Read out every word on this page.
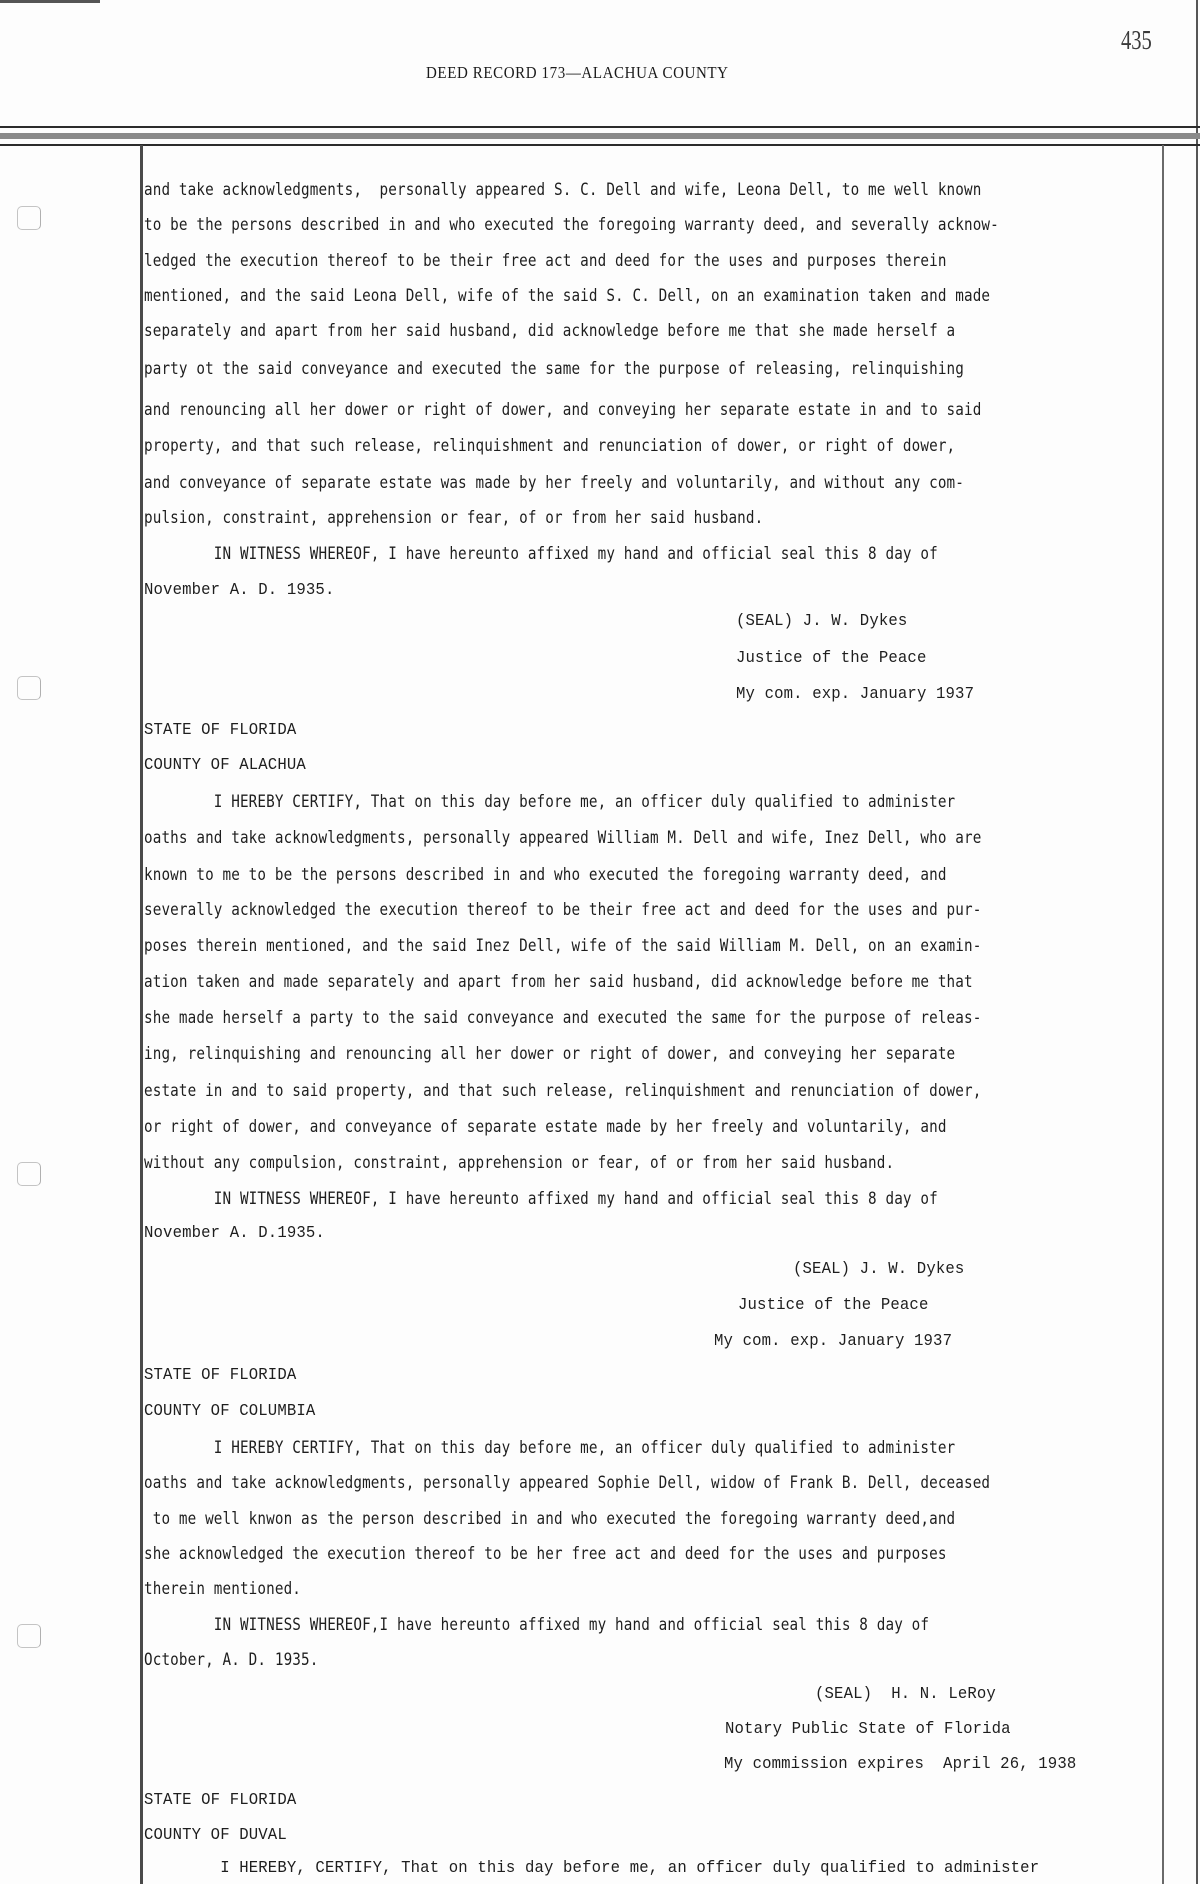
435
DEED RECORD 173—ALACHUA COUNTY
and take acknowledgments,  personally appeared S. C. Dell and wife, Leona Dell, to me well known
to be the persons described in and who executed the foregoing warranty deed, and severally acknow-
ledged the execution thereof to be their free act and deed for the uses and purposes therein
mentioned, and the said Leona Dell, wife of the said S. C. Dell, on an examination taken and made
separately and apart from her said husband, did acknowledge before me that she made herself a
party ot the said conveyance and executed the same for the purpose of releasing, relinquishing
and renouncing all her dower or right of dower, and conveying her separate estate in and to said
property, and that such release, relinquishment and renunciation of dower, or right of dower,
and conveyance of separate estate was made by her freely and voluntarily, and without any com-
pulsion, constraint, apprehension or fear, of or from her said husband.
IN WITNESS WHEREOF, I have hereunto affixed my hand and official seal this 8 day of
November A. D. 1935.
(SEAL) J. W. Dykes
Justice of the Peace
My com. exp. January 1937
STATE OF FLORIDA
COUNTY OF ALACHUA
I HEREBY CERTIFY, That on this day before me, an officer duly qualified to administer
oaths and take acknowledgments, personally appeared William M. Dell and wife, Inez Dell, who are
known to me to be the persons described in and who executed the foregoing warranty deed, and
severally acknowledged the execution thereof to be their free act and deed for the uses and pur-
poses therein mentioned, and the said Inez Dell, wife of the said William M. Dell, on an examin-
ation taken and made separately and apart from her said husband, did acknowledge before me that
she made herself a party to the said conveyance and executed the same for the purpose of releas-
ing, relinquishing and renouncing all her dower or right of dower, and conveying her separate
estate in and to said property, and that such release, relinquishment and renunciation of dower,
or right of dower, and conveyance of separate estate made by her freely and voluntarily, and
without any compulsion, constraint, apprehension or fear, of or from her said husband.
IN WITNESS WHEREOF, I have hereunto affixed my hand and official seal this 8 day of
November A. D.1935.
(SEAL) J. W. Dykes
Justice of the Peace
My com. exp. January 1937
STATE OF FLORIDA
COUNTY OF COLUMBIA
I HEREBY CERTIFY, That on this day before me, an officer duly qualified to administer
oaths and take acknowledgments, personally appeared Sophie Dell, widow of Frank B. Dell, deceased
to me well knwon as the person described in and who executed the foregoing warranty deed,and
she acknowledged the execution thereof to be her free act and deed for the uses and purposes
therein mentioned.
IN WITNESS WHEREOF,I have hereunto affixed my hand and official seal this 8 day of
October, A. D. 1935.
(SEAL)  H. N. LeRoy
Notary Public State of Florida
My commission expires  April 26, 1938
STATE OF FLORIDA
COUNTY OF DUVAL
I HEREBY, CERTIFY, That on this day before me, an officer duly qualified to administer
